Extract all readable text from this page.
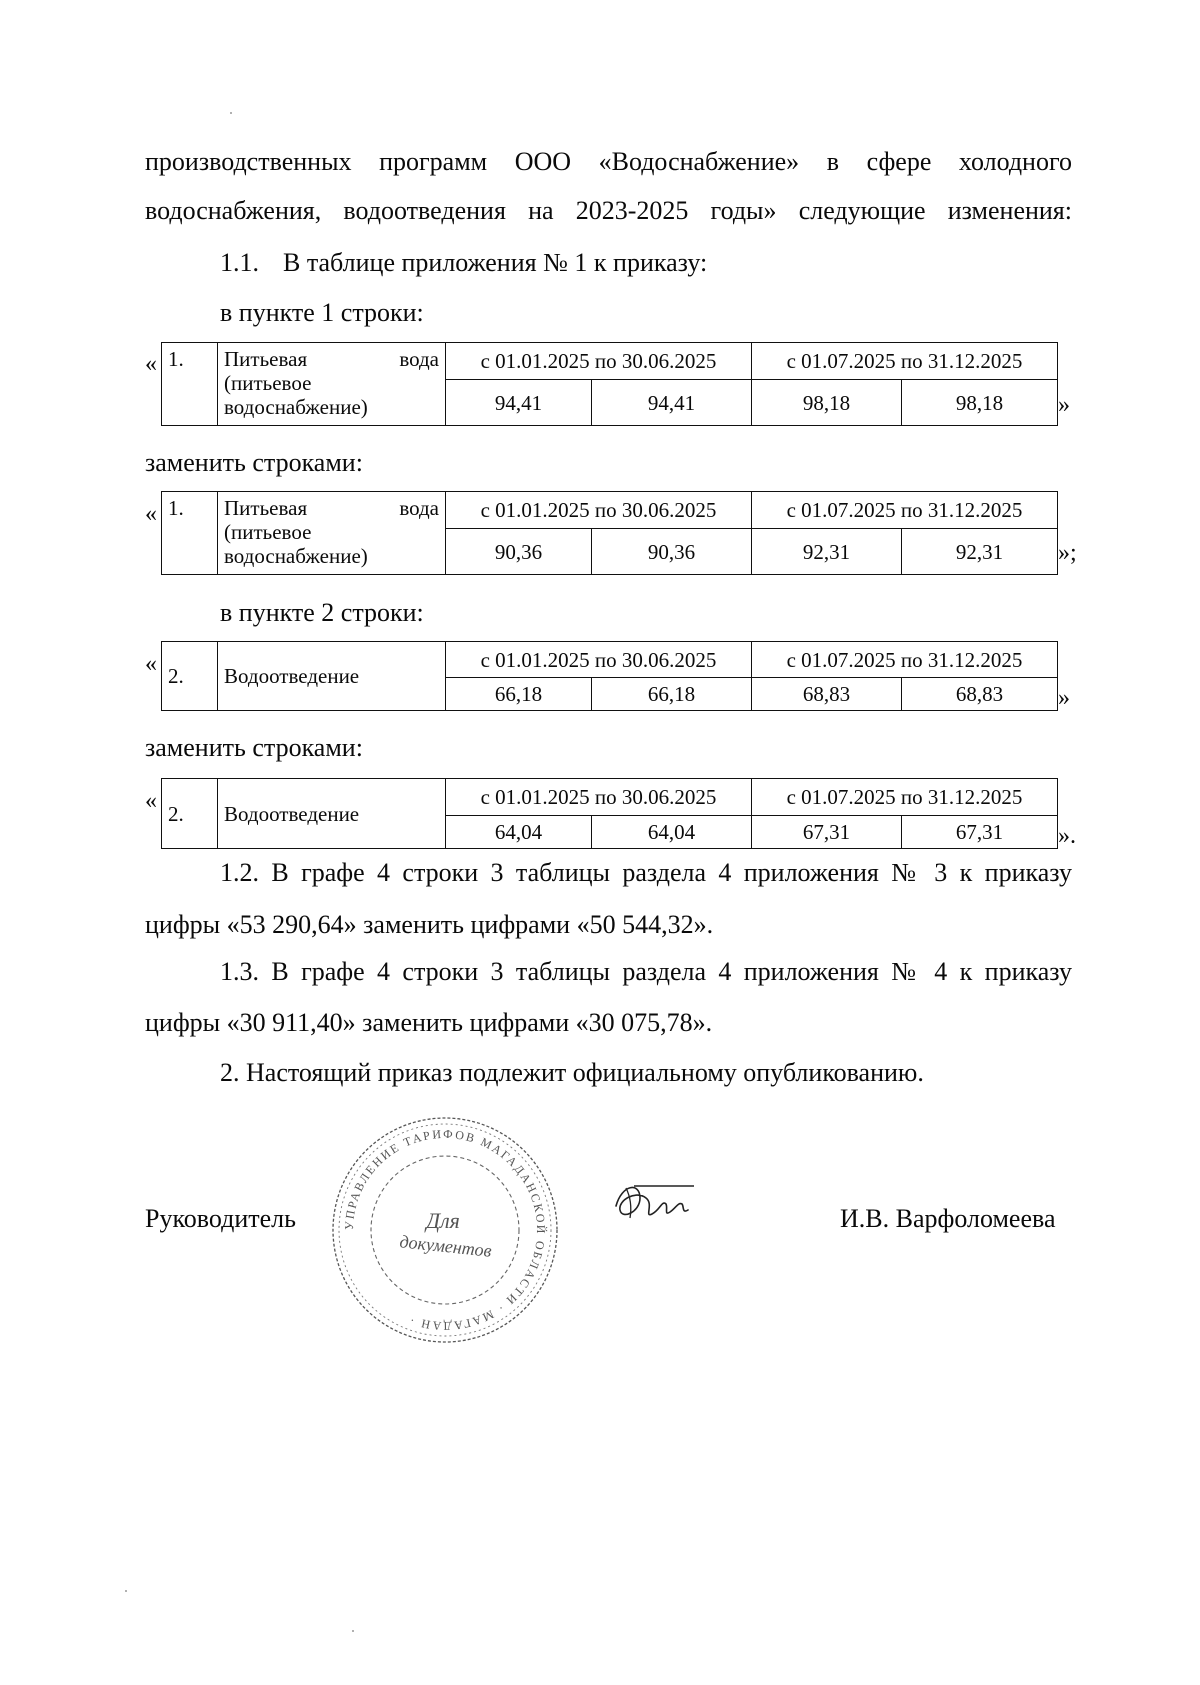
производственных программ ООО «Водоснабжение» в сфере холодного
водоснабжения, водоотведения на 2023-2025 годы» следующие изменения:
1.1. В таблице приложения № 1 к приказу:
в пункте 1 строки:
« 1.	Питьевая вода
(питьевое
водоснабжение)	с 01.01.2025 по 30.06.2025		с 01.07.2025 по 31.12.2025	
		94,41	94,41	98,18	98,18 »
заменить строками:
« 1.	Питьевая вода
(питьевое
водоснабжение)	с 01.01.2025 по 30.06.2025		с 01.07.2025 по 31.12.2025	
		90,36	90,36	92,31	92,31 »;
в пункте 2 строки:
« 2.	Водоотведение	с 01.01.2025 по 30.06.2025		с 01.07.2025 по 31.12.2025	
		66,18	66,18	68,83	68,83 »
заменить строками:
« 2.	Водоотведение	с 01.01.2025 по 30.06.2025		с 01.07.2025 по 31.12.2025	
		64,04	64,04	67,31	67,31 ».
1.2. В графе 4 строки 3 таблицы раздела 4 приложения № 3 к приказу
цифры «53 290,64» заменить цифрами «50 544,32».
1.3. В графе 4 строки 3 таблицы раздела 4 приложения № 4 к приказу
цифры «30 911,40» заменить цифрами «30 075,78».
2. Настоящий приказ подлежит официальному опубликованию.
Руководитель	УПРАВЛЕНИЕ ТАРИФОВ МАГАДАНСКОЙ ОБЛАСТИ · МАГАДАН ·
Для
документов
И.В. Варфоломеева
